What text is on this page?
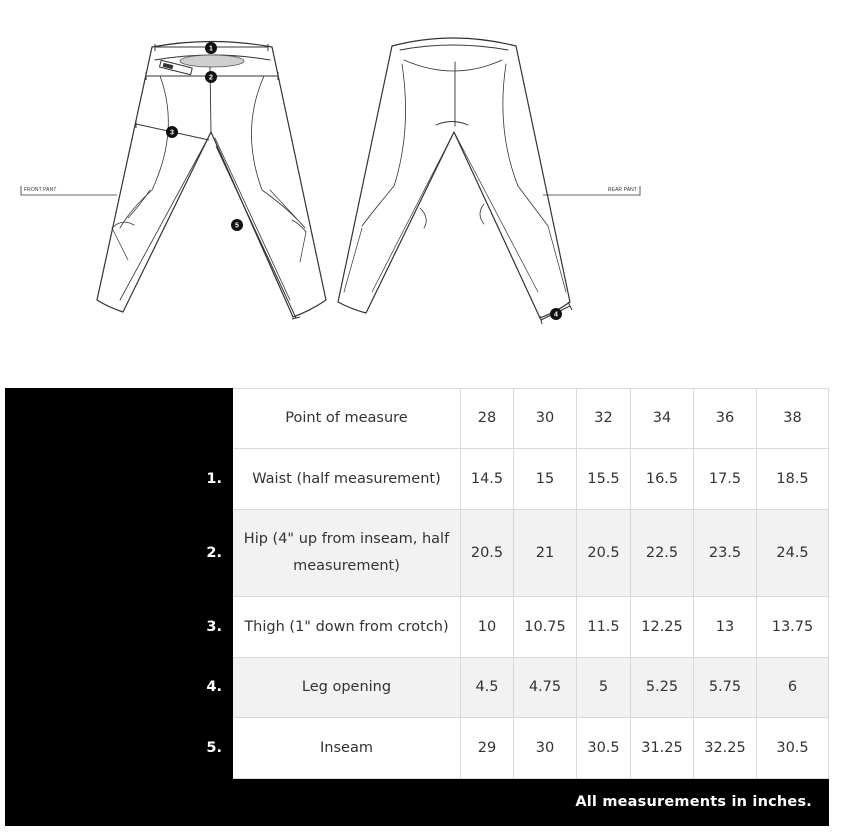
FRONT PANT	REAR PANT
1
2
3
4
5
	Point of measure	28	30	32	34	36	38
1.	Waist (half measurement)	14.5	15	15.5	16.5	17.5	18.5
2.	Hip (4" up from inseam, half measurement)	20.5	21	20.5	22.5	23.5	24.5
3.	Thigh (1" down from crotch)	10	10.75	11.5	12.25	13	13.75
4.	Leg opening	4.5	4.75	5	5.25	5.75	6
5.	Inseam	29	30	30.5	31.25	32.25	30.5
All measurements in inches.							
